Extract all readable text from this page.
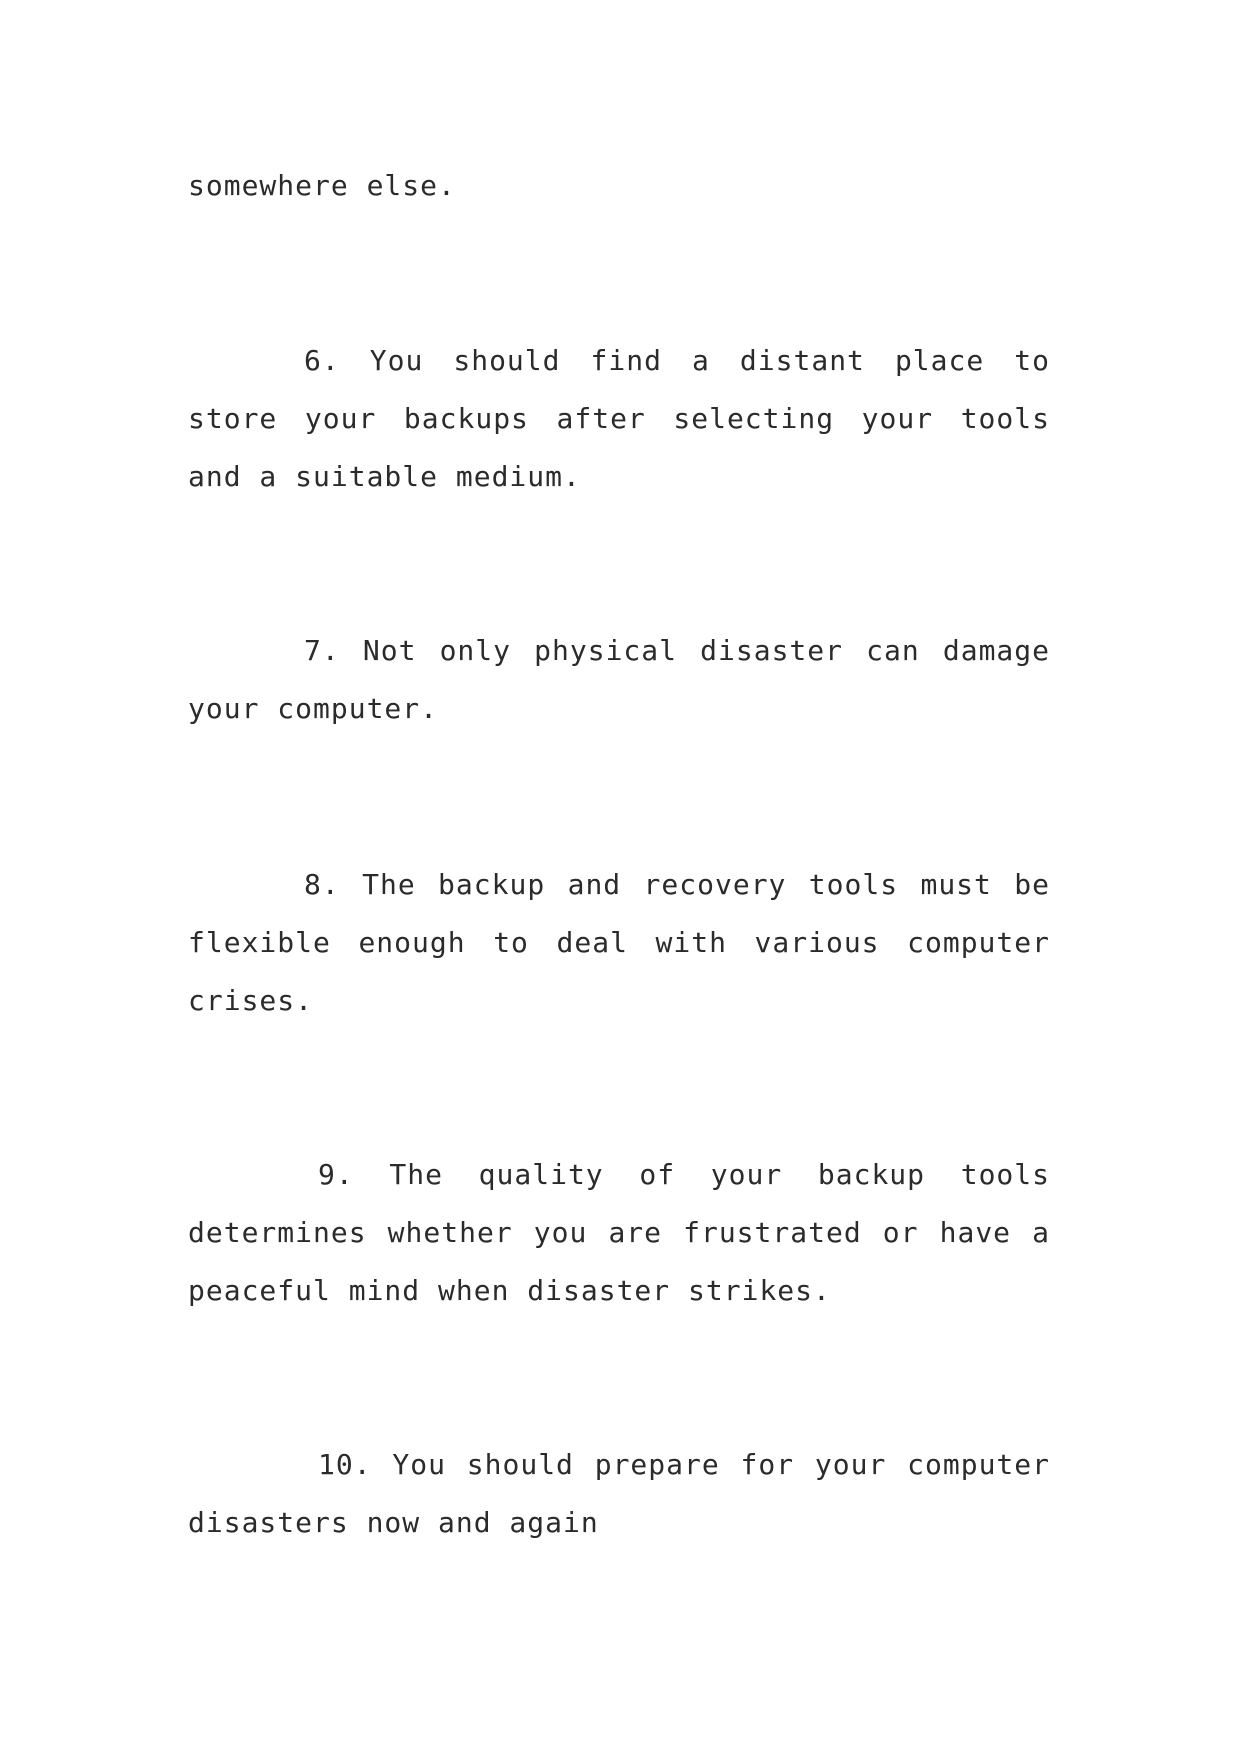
somewhere else.
6. You should find a distant place to store your backups after selecting your tools and a suitable medium.
7. Not only physical disaster can damage your computer.
8. The backup and recovery tools must be flexible enough to deal with various computer crises.
9. The quality of your backup tools determines whether you are frustrated or have a peaceful mind when disaster strikes.
10. You should prepare for your computer disasters now and again
